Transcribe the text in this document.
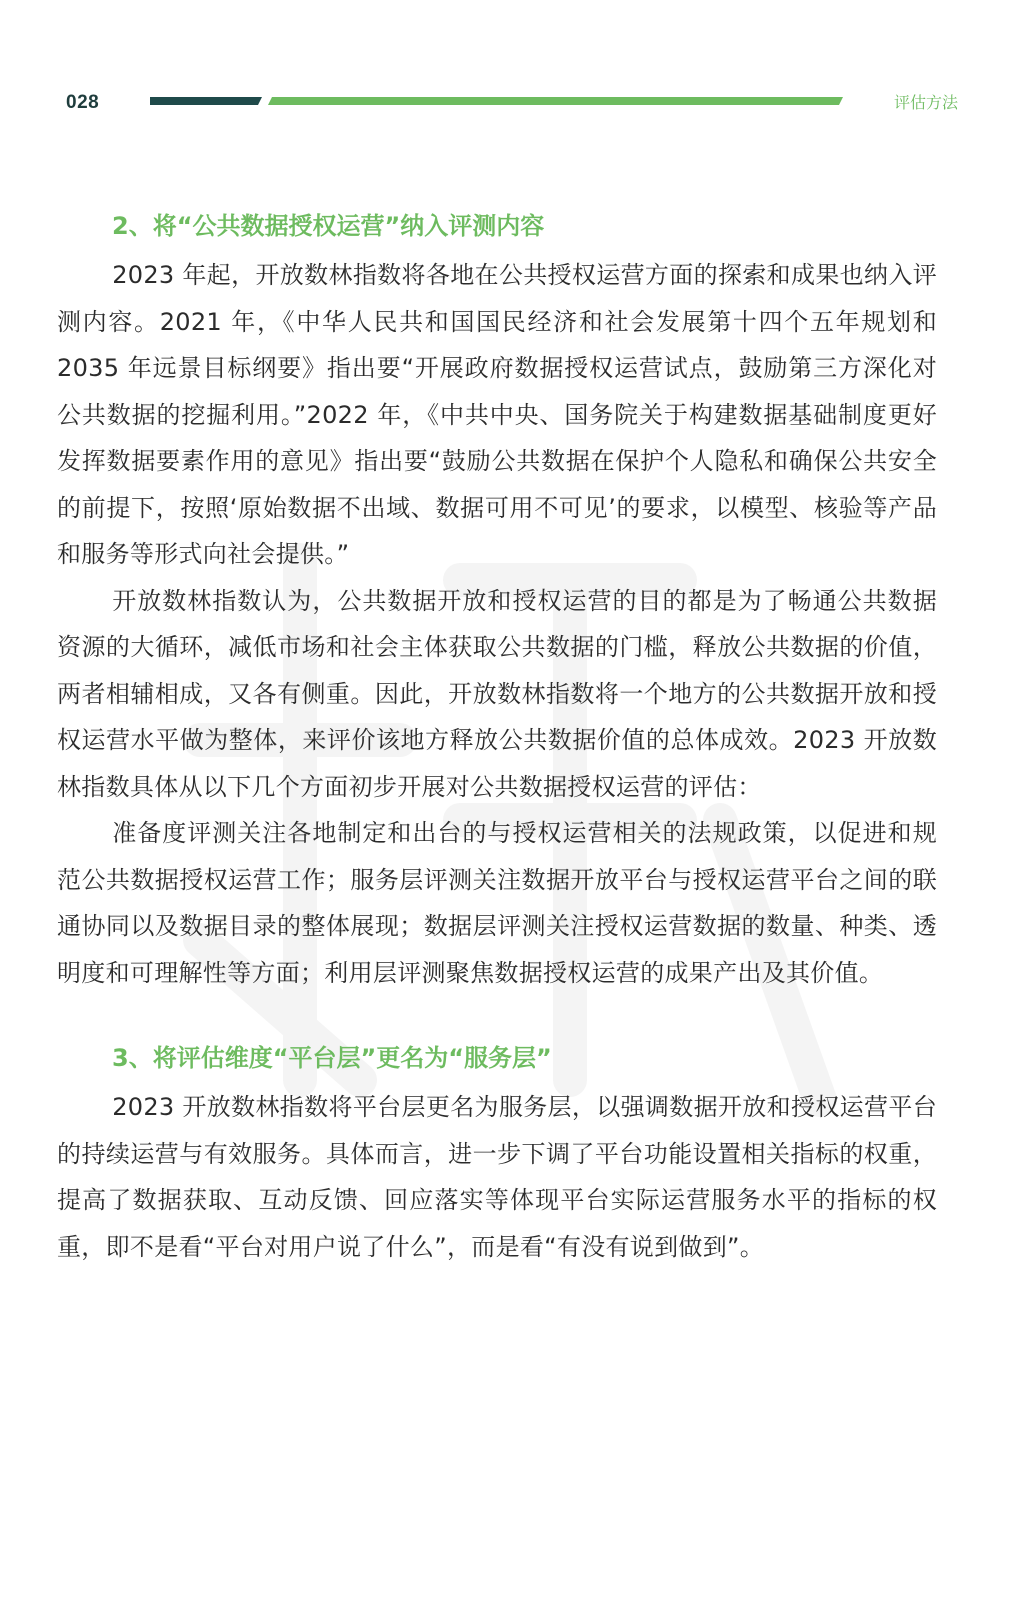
028	评估方法
2、将“公共数据授权运营”纳入评测内容

2023 年起，开放数林指数将各地在公共授权运营方面的探索和成果也纳入评测内容。2021 年，《中华人民共和国国民经济和社会发展第十四个五年规划和 2035 年远景目标纲要》指出要“开展政府数据授权运营试点，鼓励第三方深化对公共数据的挖掘利用。”2022 年，《中共中央、国务院关于构建数据基础制度更好发挥数据要素作用的意见》指出要“鼓励公共数据在保护个人隐私和确保公共安全的前提下，按照‘原始数据不出域、数据可用不可见’的要求，以模型、核验等产品和服务等形式向社会提供。”

开放数林指数认为，公共数据开放和授权运营的目的都是为了畅通公共数据资源的大循环，减低市场和社会主体获取公共数据的门槛，释放公共数据的价值，两者相辅相成，又各有侧重。因此，开放数林指数将一个地方的公共数据开放和授权运营水平做为整体，来评价该地方释放公共数据价值的总体成效。2023 开放数林指数具体从以下几个方面初步开展对公共数据授权运营的评估：

准备度评测关注各地制定和出台的与授权运营相关的法规政策，以促进和规范公共数据授权运营工作；服务层评测关注数据开放平台与授权运营平台之间的联通协同以及数据目录的整体展现；数据层评测关注授权运营数据的数量、种类、透明度和可理解性等方面；利用层评测聚焦数据授权运营的成果产出及其价值。

3、将评估维度“平台层”更名为“服务层”

2023 开放数林指数将平台层更名为服务层，以强调数据开放和授权运营平台的持续运营与有效服务。具体而言，进一步下调了平台功能设置相关指标的权重，提高了数据获取、互动反馈、回应落实等体现平台实际运营服务水平的指标的权重，即不是看“平台对用户说了什么”，而是看“有没有说到做到”。
